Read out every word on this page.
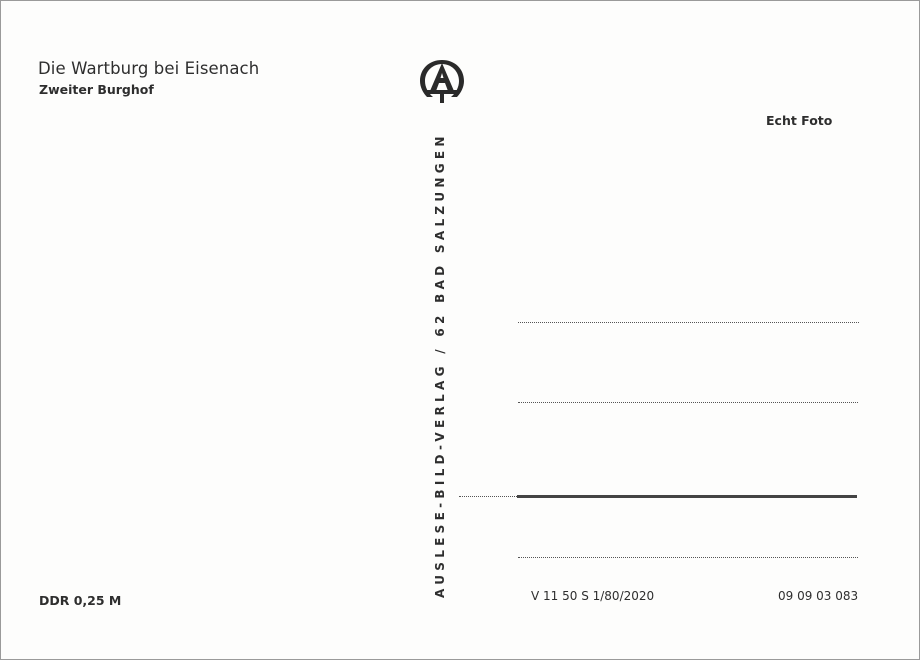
Die Wartburg bei Eisenach
Zweiter Burghof
Echt Foto
AUSLESE-BILD-VERLAG / 62 BAD SALZUNGEN
DDR 0,25 M	V 11 50 S 1/80/2020	09 09 03 083
